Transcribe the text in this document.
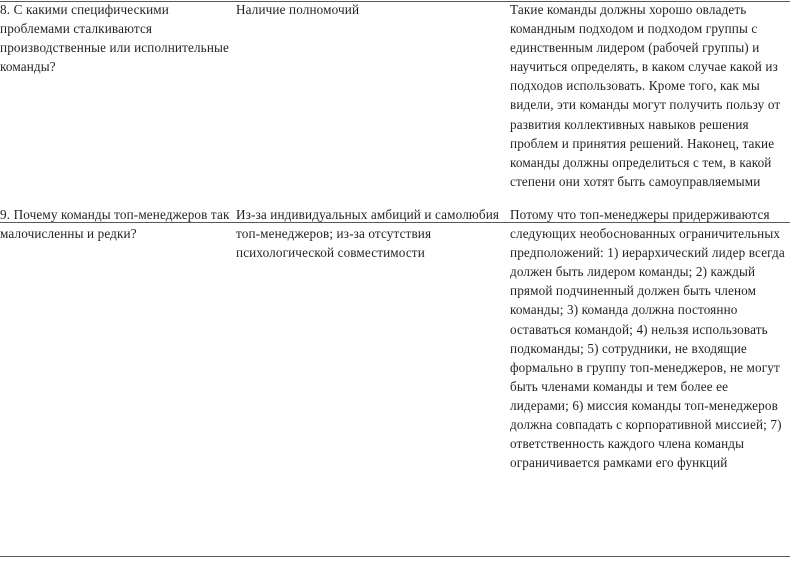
8. С какими специфическими проблемами сталкиваются производственные или исполнительные команды?	Наличие полномочий	Такие команды должны хорошо овладеть командным подходом и подходом группы с единственным лидером (рабочей группы) и научиться определять, в каком случае какой из подходов использовать. Кроме того, как мы видели, эти команды могут получить пользу от развития коллективных навыков решения проблем и принятия решений. Наконец, такие команды должны определиться с тем, в какой степени они хотят быть самоуправляемыми
9. Почему команды топ-менеджеров так малочисленны и редки?	Из-за индивидуальных амбиций и самолюбия топ-менеджеров; из-за отсутствия психологической совместимости	Потому что топ-менеджеры придерживаются следующих необоснованных ограничительных предположений: 1) иерархический лидер всегда должен быть лидером команды; 2) каждый прямой подчиненный должен быть членом команды; 3) команда должна постоянно оставаться командой; 4) нельзя использовать подкоманды; 5) сотрудники, не входящие формально в группу топ-менеджеров, не могут быть членами команды и тем более ее лидерами; 6) миссия команды топ-менеджеров должна совпадать с корпоративной миссией; 7) ответственность каждого члена команды ограничивается рамками его функций
